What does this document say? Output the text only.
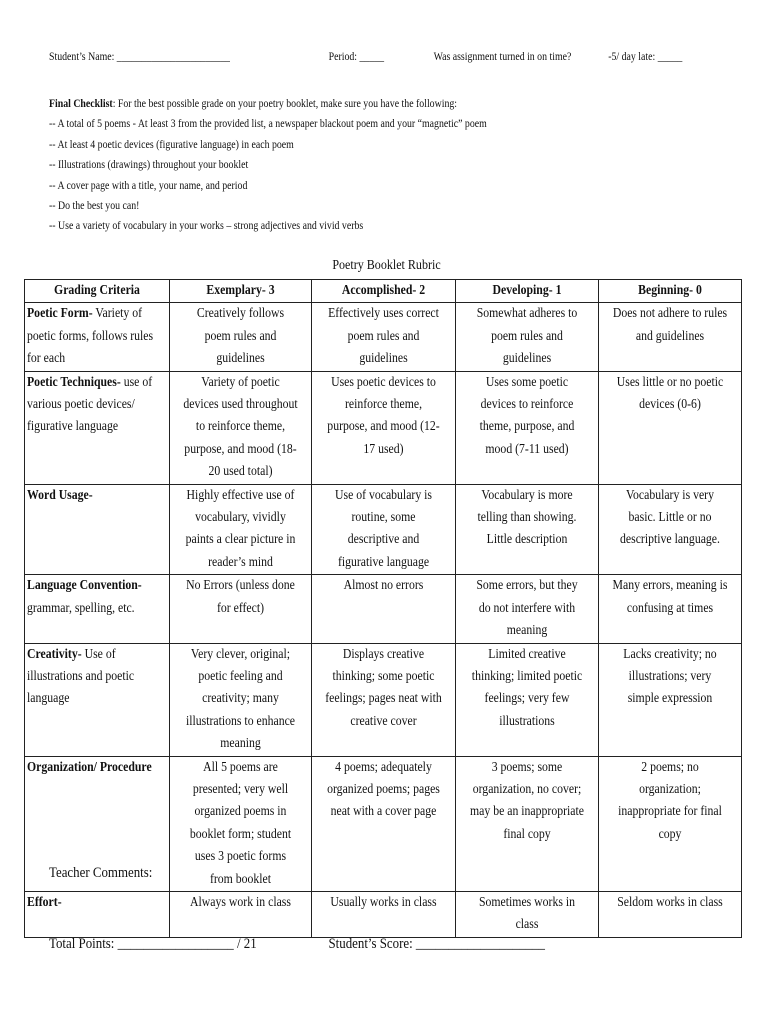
Student’s Name: _______________________	Period: _____	Was assignment turned in on time?	-5/ day late: _____
Final Checklist: For the best possible grade on your poetry booklet, make sure you have the following:
-- A total of 5 poems - At least 3 from the provided list, a newspaper blackout poem and your “magnetic” poem
-- At least 4 poetic devices (figurative language) in each poem
-- Illustrations (drawings) throughout your booklet
-- A cover page with a title, your name, and period
-- Do the best you can!
-- Use a variety of vocabulary in your works – strong adjectives and vivid verbs
Poetry Booklet Rubric
Grading Criteria	Exemplary- 3	Accomplished- 2	Developing- 1	Beginning- 0

Poetic Form- Variety of poetic forms, follows rules for each	Creatively follows poem rules and guidelines	Effectively uses correct poem rules and guidelines	Somewhat adheres to poem rules and guidelines	Does not adhere to rules and guidelines

Poetic Techniques- use of various poetic devices/ figurative language	Variety of poetic devices used throughout to reinforce theme, purpose, and mood (18-20 used total)	Uses poetic devices to reinforce theme, purpose, and mood (12-17 used)	Uses some poetic devices to reinforce theme, purpose, and mood (7-11 used)	Uses little or no poetic devices (0-6)

Word Usage-	Highly effective use of vocabulary, vividly paints a clear picture in reader’s mind	Use of vocabulary is routine, some descriptive and figurative language	Vocabulary is more telling than showing. Little description	Vocabulary is very basic. Little or no descriptive language.

Language Convention- grammar, spelling, etc.	No Errors (unless done for effect)	Almost no errors	Some errors, but they do not interfere with meaning	Many errors, meaning is confusing at times

Creativity- Use of illustrations and poetic language	Very clever, original; poetic feeling and creativity; many illustrations to enhance meaning	Displays creative thinking; some poetic feelings; pages neat with creative cover	Limited creative thinking; limited poetic feelings; very few illustrations	Lacks creativity; no illustrations; very simple expression

Organization/ Procedure	All 5 poems are presented; very well organized poems in booklet form; student uses 3 poetic forms from booklet	4 poems; adequately organized poems; pages neat with a cover page	3 poems; some organization, no cover; may be an inappropriate final copy	2 poems; no organization; inappropriate for final copy

Effort-	Always work in class	Usually works in class	Sometimes works in class	Seldom works in class
Teacher Comments:
Total Points: __________________ / 21	Student’s Score: ____________________
